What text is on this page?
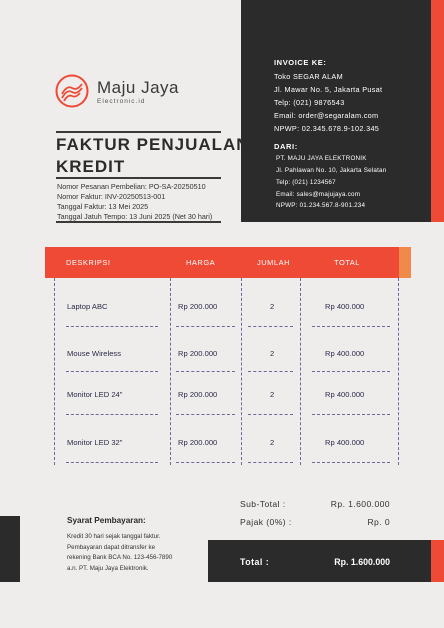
Maju Jaya
Electronic.id
FAKTUR PENJUALAN
KREDIT
Nomor Pesanan Pembelian: PO-SA-20250510
Nomor Faktur: INV-20250513-001
Tanggal Faktur: 13 Mei 2025
Tanggal Jatuh Tempo: 13 Juni 2025 (Net 30 hari)
INVOICE KE:
Toko SEGAR ALAM
Jl. Mawar No. 5, Jakarta Pusat
Telp: (021) 9876543
Email: order@segaralam.com
NPWP: 02.345.678.9-102.345
DARI:
PT. MAJU JAYA ELEKTRONIK
Jl. Pahlawan No. 10, Jakarta Selatan
Telp: (021) 1234567
Email: sales@majujaya.com
NPWP: 01.234.567.8-901.234
DESKRIPSI	HARGA	JUMLAH	TOTAL
Laptop ABC	Rp 200.000	2	Rp 400.000
Mouse Wireless	Rp 200.000	2	Rp 400.000
Monitor LED 24"	Rp 200.000	2	Rp 400.000
Monitor LED 32"	Rp 200.000	2	Rp 400.000
Sub-Total :	Rp. 1.600.000
Pajak (0%) :	Rp. 0
Total :	Rp. 1.600.000
Syarat Pembayaran:
Kredit 30 hari sejak tanggal faktur.
Pembayaran dapat ditransfer ke
rekening Bank BCA No. 123-456-7890
a.n. PT. Maju Jaya Elektronik.
